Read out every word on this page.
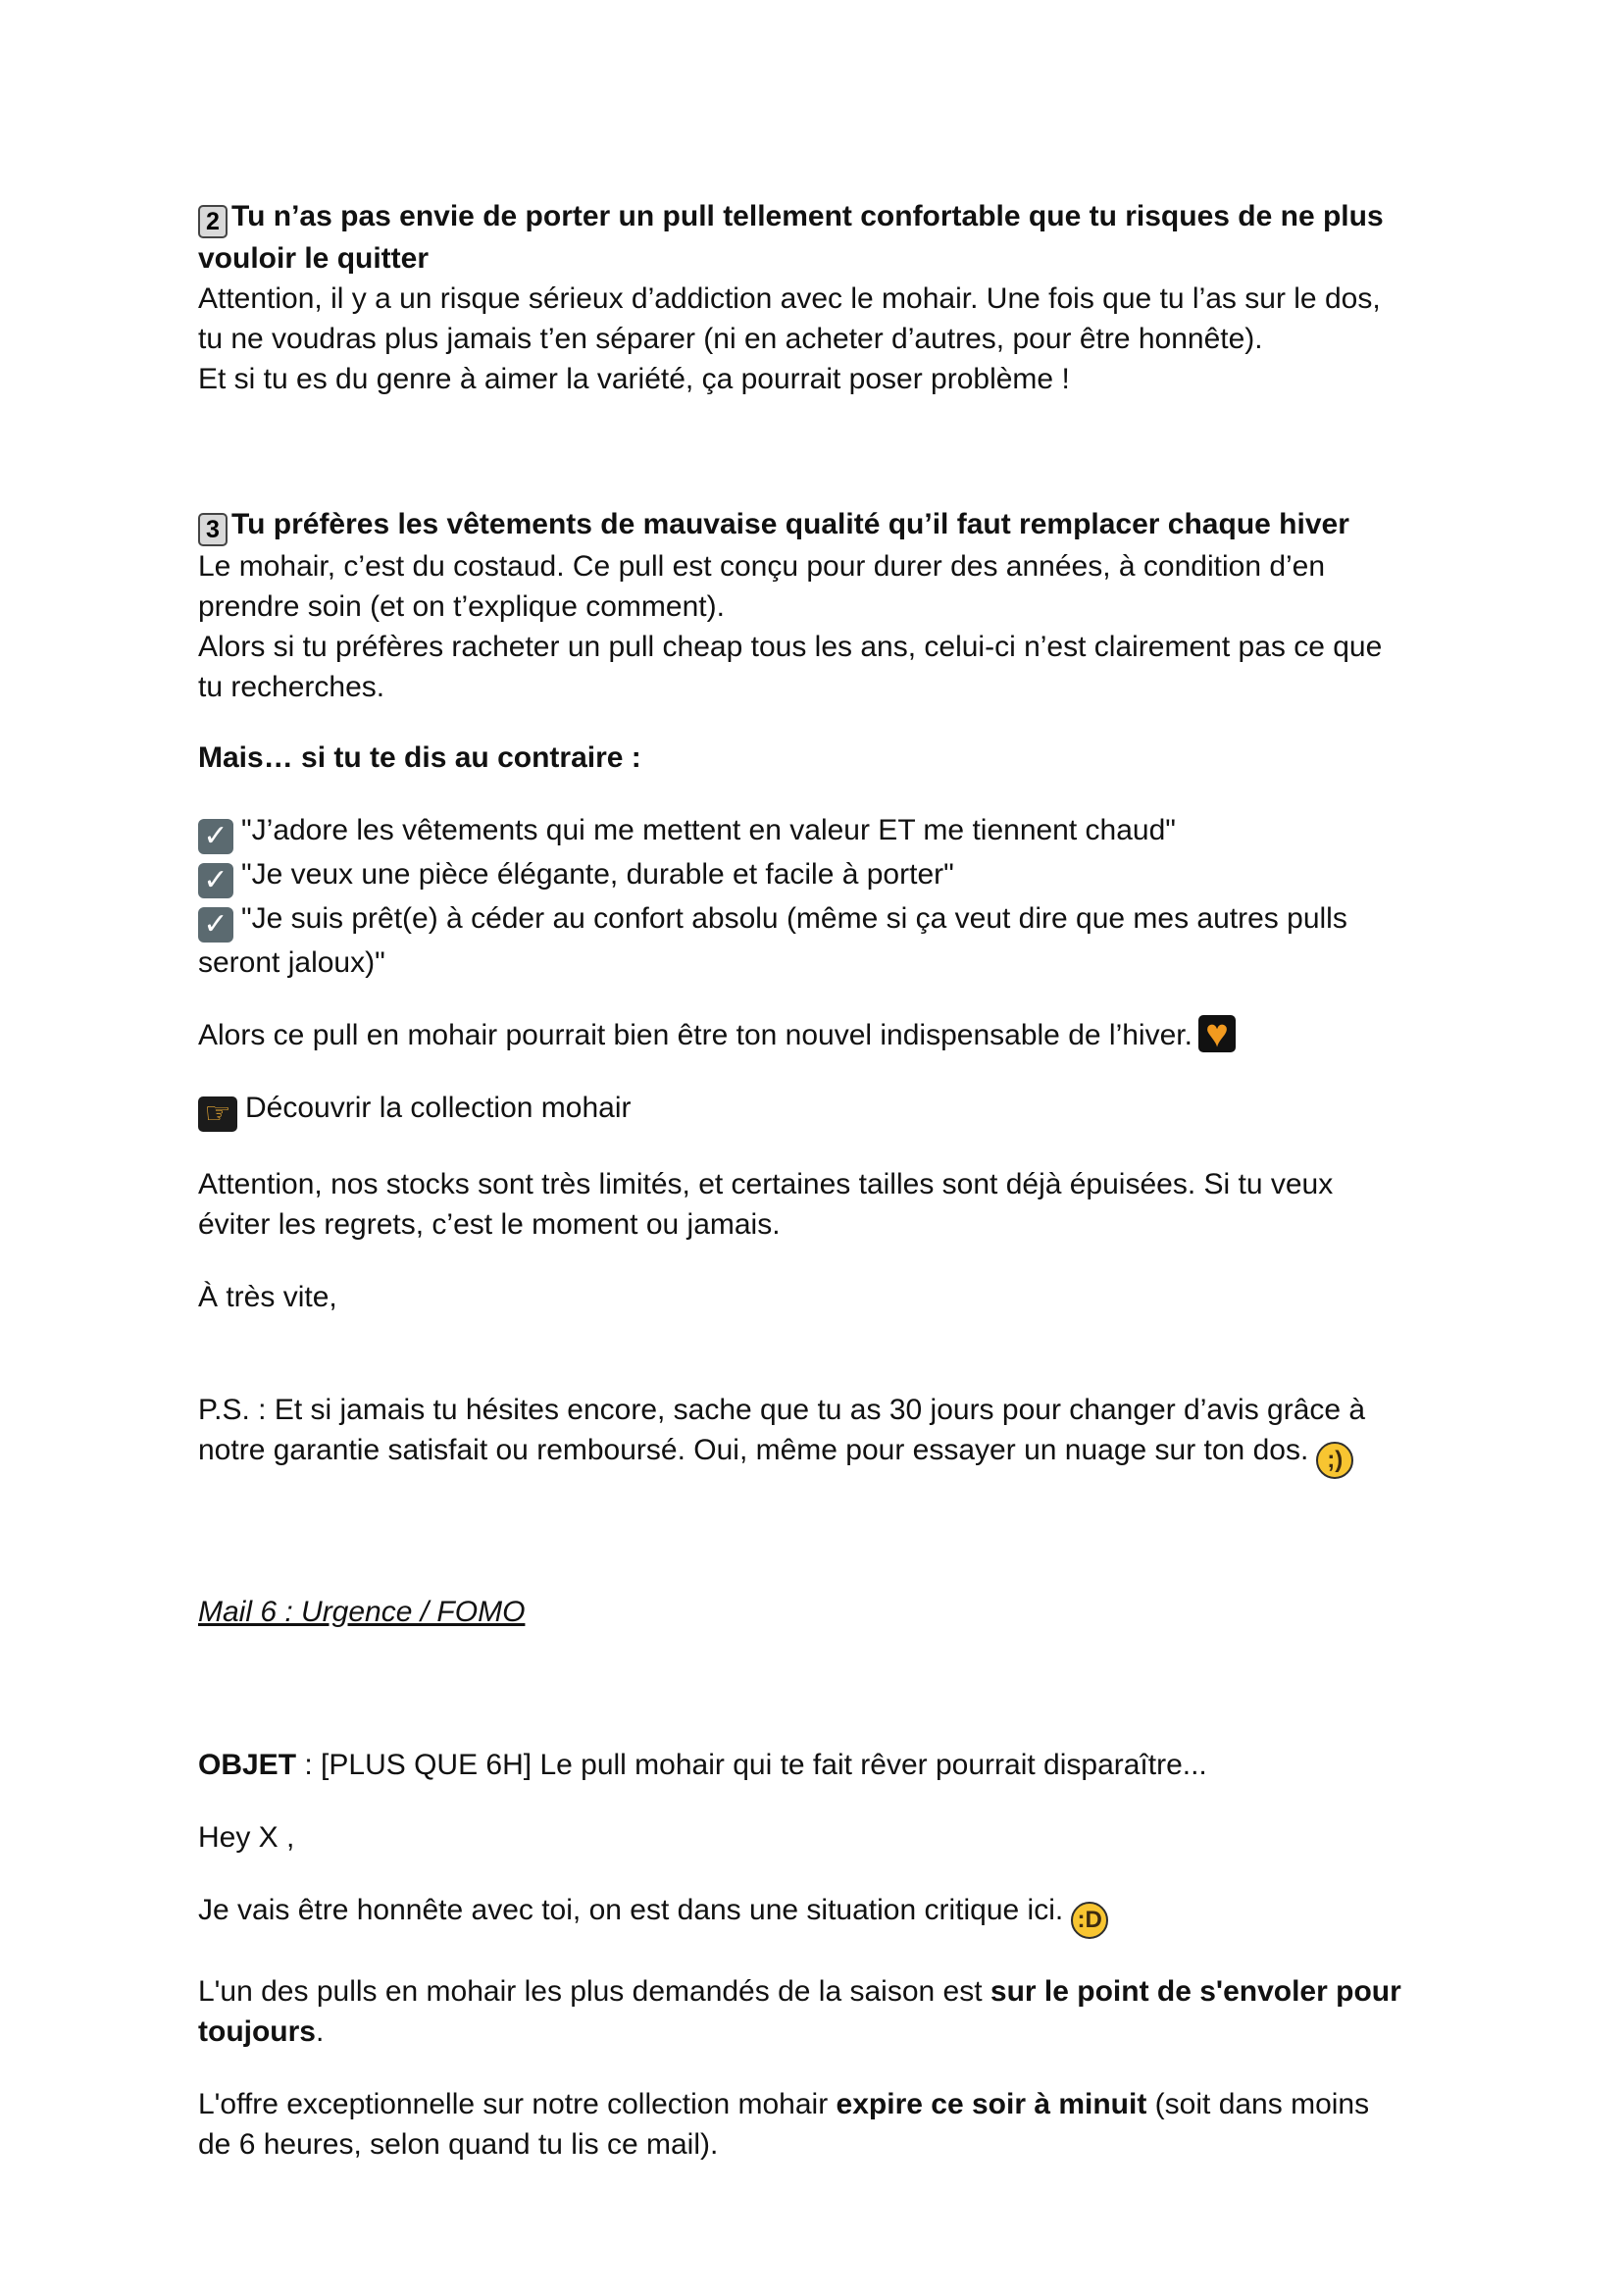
2 Tu n’as pas envie de porter un pull tellement confortable que tu risques de ne plus
vouloir le quitter
Attention, il y a un risque sérieux d’addiction avec le mohair. Une fois que tu l’as sur le dos,
tu ne voudras plus jamais t’en séparer (ni en acheter d’autres, pour être honnête).
Et si tu es du genre à aimer la variété, ça pourrait poser problème !
3 Tu préfères les vêtements de mauvaise qualité qu’il faut remplacer chaque hiver
Le mohair, c’est du costaud. Ce pull est conçu pour durer des années, à condition d’en
prendre soin (et on t’explique comment).
Alors si tu préfères racheter un pull cheap tous les ans, celui-ci n’est clairement pas ce que
tu recherches.
Mais… si tu te dis au contraire :
✓ "J’adore les vêtements qui me mettent en valeur ET me tiennent chaud"
✓ "Je veux une pièce élégante, durable et facile à porter"
✓ "Je suis prêt(e) à céder au confort absolu (même si ça veut dire que mes autres pulls
seront jaloux)"
Alors ce pull en mohair pourrait bien être ton nouvel indispensable de l’hiver.♥
☞ Découvrir la collection mohair
Attention, nos stocks sont très limités, et certaines tailles sont déjà épuisées. Si tu veux
éviter les regrets, c’est le moment ou jamais.
À très vite,
P.S. : Et si jamais tu hésites encore, sache que tu as 30 jours pour changer d’avis grâce à
notre garantie satisfait ou remboursé. Oui, même pour essayer un nuage sur ton dos. ;)
Mail 6 : Urgence / FOMO
OBJET : [PLUS QUE 6H] Le pull mohair qui te fait rêver pourrait disparaître...
Hey X ,
Je vais être honnête avec toi, on est dans une situation critique ici. :D
L'un des pulls en mohair les plus demandés de la saison est sur le point de s'envoler pour
toujours.
L'offre exceptionnelle sur notre collection mohair expire ce soir à minuit (soit dans moins
de 6 heures, selon quand tu lis ce mail).
